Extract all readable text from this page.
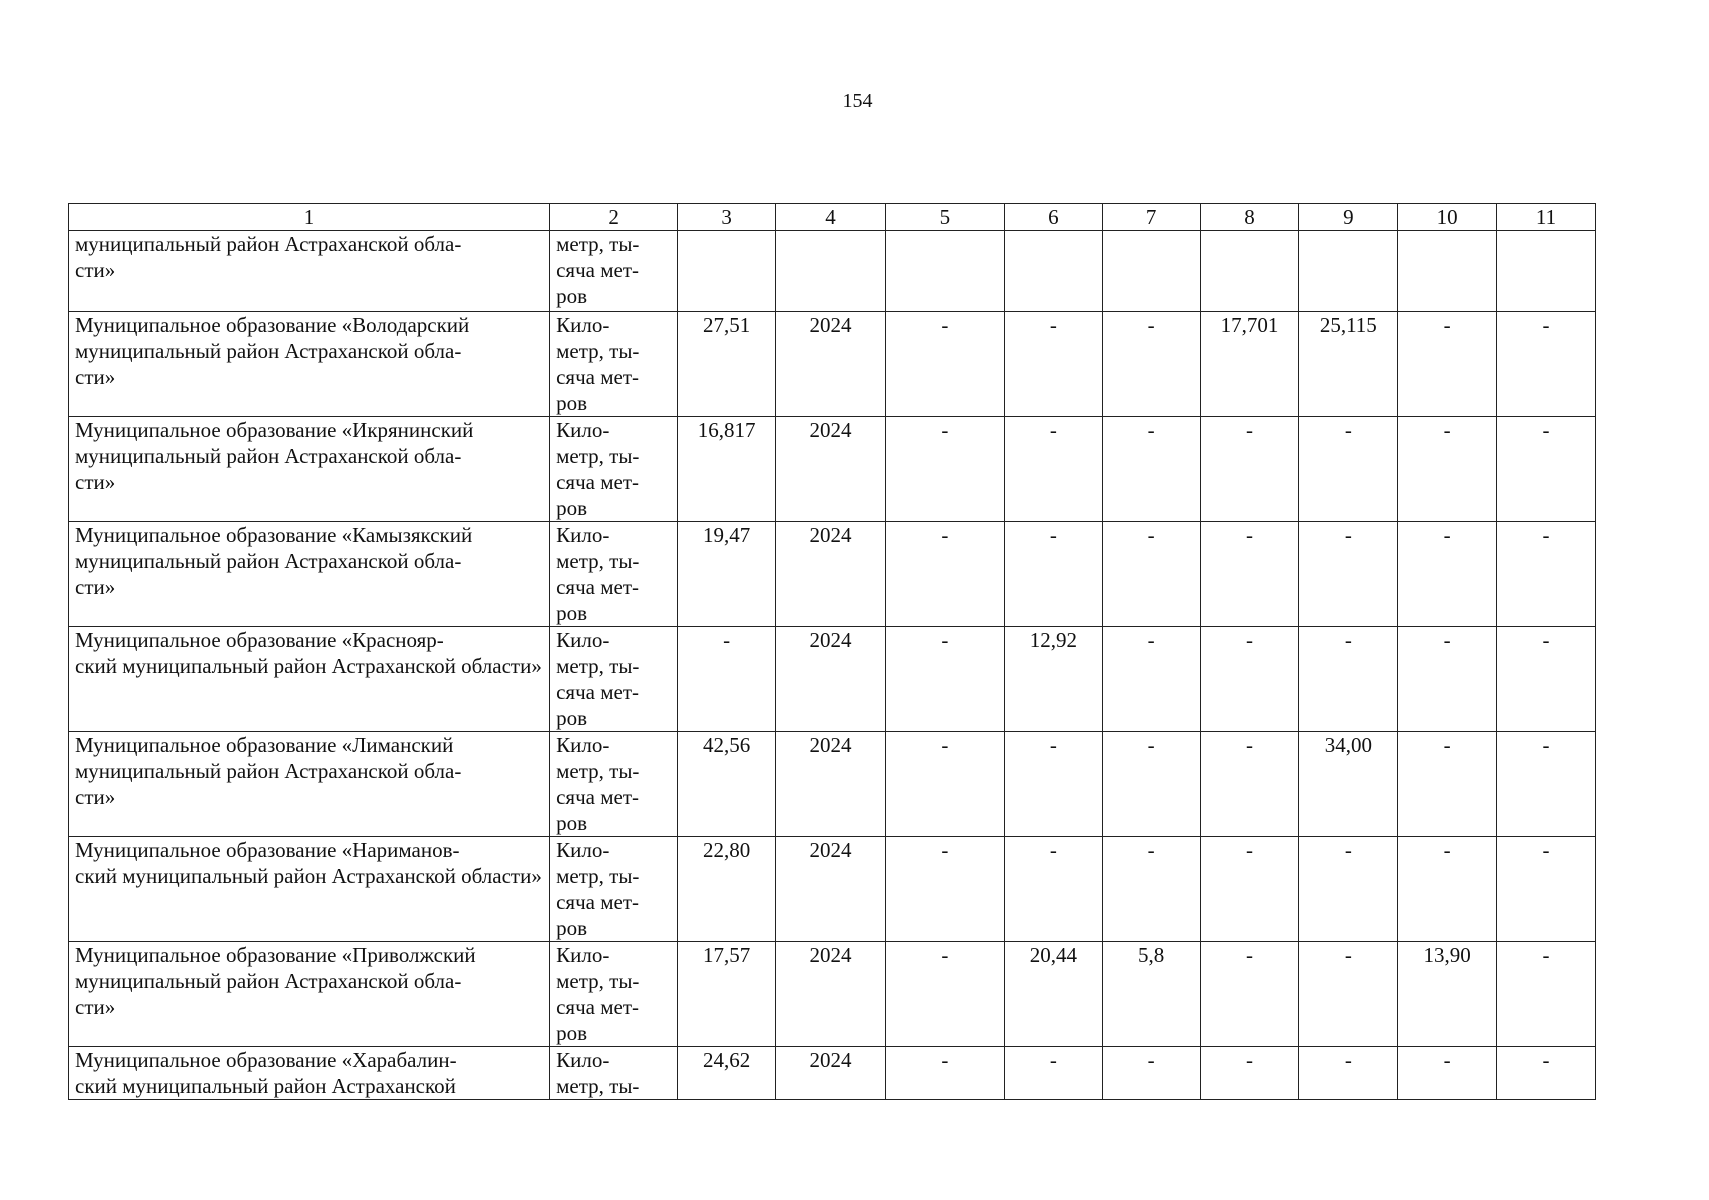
154
1	2	3	4	5	6	7	8	9	10	11
муниципальный район Астраханской обла-
сти»	метр, ты-
сяча мет-
ров									
Муниципальное образование «Володарский муниципальный район Астраханской обла-
сти»	Кило-
метр, ты-
сяча мет-
ров	27,51	2024	-	-	-	17,701	25,115	-	-
Муниципальное образование «Икрянинский муниципальный район Астраханской обла-
сти»	Кило-
метр, ты-
сяча мет-
ров	16,817	2024	-	-	-	-	-	-	-
Муниципальное образование «Камызякский муниципальный район Астраханской обла-
сти»	Кило-
метр, ты-
сяча мет-
ров	19,47	2024	-	-	-	-	-	-	-
Муниципальное образование «Краснояр-
ский муниципальный район Астраханской области»	Кило-
метр, ты-
сяча мет-
ров	-	2024	-	12,92	-	-	-	-	-
Муниципальное образование «Лиманский муниципальный район Астраханской обла-
сти»	Кило-
метр, ты-
сяча мет-
ров	42,56	2024	-	-	-	-	34,00	-	-
Муниципальное образование «Нариманов-
ский муниципальный район Астраханской области»	Кило-
метр, ты-
сяча мет-
ров	22,80	2024	-	-	-	-	-	-	-
Муниципальное образование «Приволжский муниципальный район Астраханской обла-
сти»	Кило-
метр, ты-
сяча мет-
ров	17,57	2024	-	20,44	5,8	-	-	13,90	-
Муниципальное образование «Харабалин-
ский муниципальный район Астраханской	Кило-
метр, ты-	24,62	2024	-	-	-	-	-	-	-
